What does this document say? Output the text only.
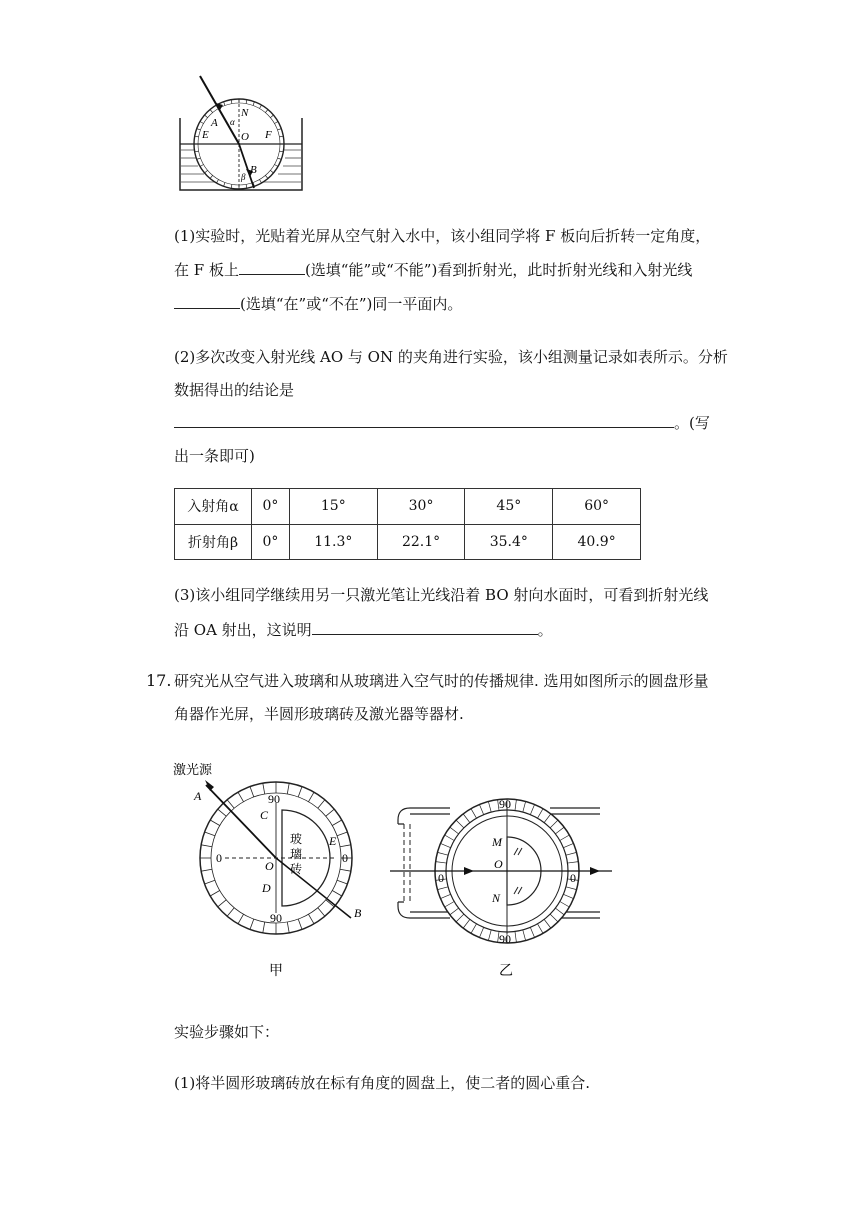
N
A
E
α
O F
B
β
(1)实验时，光贴着光屏从空气射入水中，该小组同学将 F 板向后折转一定角度，
在 F 板上	(选填“能”或“不能”)看到折射光，此时折射光线和入射光线
(选填“在”或“不在”)同一平面内。
(2)多次改变入射光线 AO 与 ON 的夹角进行实验，该小组测量记录如表所示。分析
数据得出的结论是
。(写
出一条即可)
入射角α	0°	15°	30°	45°	60°
折射角β	0°	11.3°	22.1°	35.4°	40.9°
(3)该小组同学继续用另一只激光笔让光线沿着 BO 射向水面时，可看到折射光线
沿 OA 射出，这说明	。
17. 研究光从空气进入玻璃和从玻璃进入空气时的传播规律. 选用如图所示的圆盘形量
角器作光屏，半圆形玻璃砖及激光器等器材.
激光源
A
C
E
O
D
B
玻
璃
砖
90
0	0
90
甲
M
O
N
90
0	0
90
乙
实验步骤如下：
(1)将半圆形玻璃砖放在标有角度的圆盘上，使二者的圆心重合.
